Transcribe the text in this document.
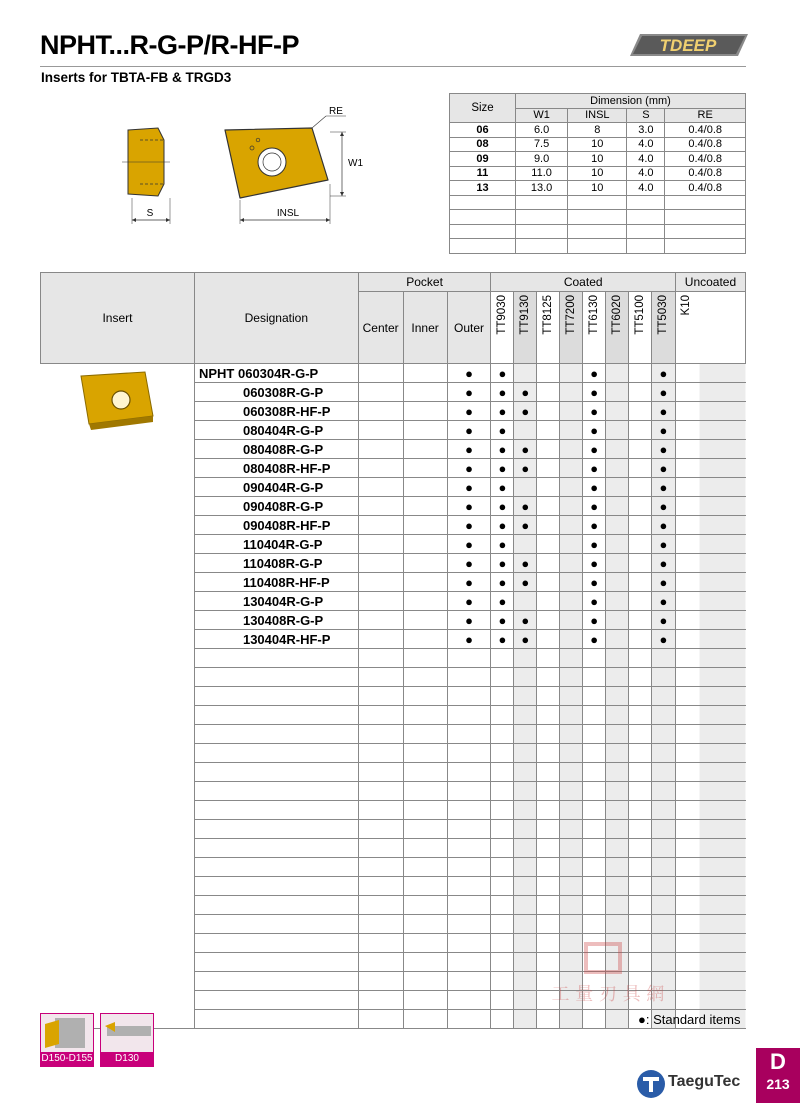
NPHT...R-G-P/R-HF-P
Inserts for TBTA-FB & TRGD3
TDEEP
S
RE
W1
INSL
Size	Dimension (mm)			
	W1	INSL	S	RE
06	6.0	8	3.0	0.4/0.8
08	7.5	10	4.0	0.4/0.8
09	9.0	10	4.0	0.4/0.8
11	11.0	10	4.0	0.4/0.8
13	13.0	10	4.0	0.4/0.8

Insert	Designation	Pocket			Coated								Uncoated
		Center	Inner	Outer	TT9030	TT9130	TT8125	TT7200	TT6130	TT6020	TT5100	TT5030	K10
	NPHT 060304R-G-P			●	●				●			●	
	060308R-G-P			●	●	●			●			●	
	060308R-HF-P			●	●	●			●			●	
	080404R-G-P			●	●				●			●	
	080408R-G-P			●	●	●			●			●	
	080408R-HF-P			●	●	●			●			●	
	090404R-G-P			●	●				●			●	
	090408R-G-P			●	●	●			●			●	
	090408R-HF-P			●	●	●			●			●	
	110404R-G-P			●	●				●			●	
	110408R-G-P			●	●	●			●			●	
	110408R-HF-P			●	●	●			●			●	
	130404R-G-P			●	●				●			●	
	130408R-G-P			●	●	●			●			●	
	130404R-HF-P			●	●	●			●			●	

●: Standard items
D150-D155	D130
工 量 刃 具 網
TaeguTec
D
213
